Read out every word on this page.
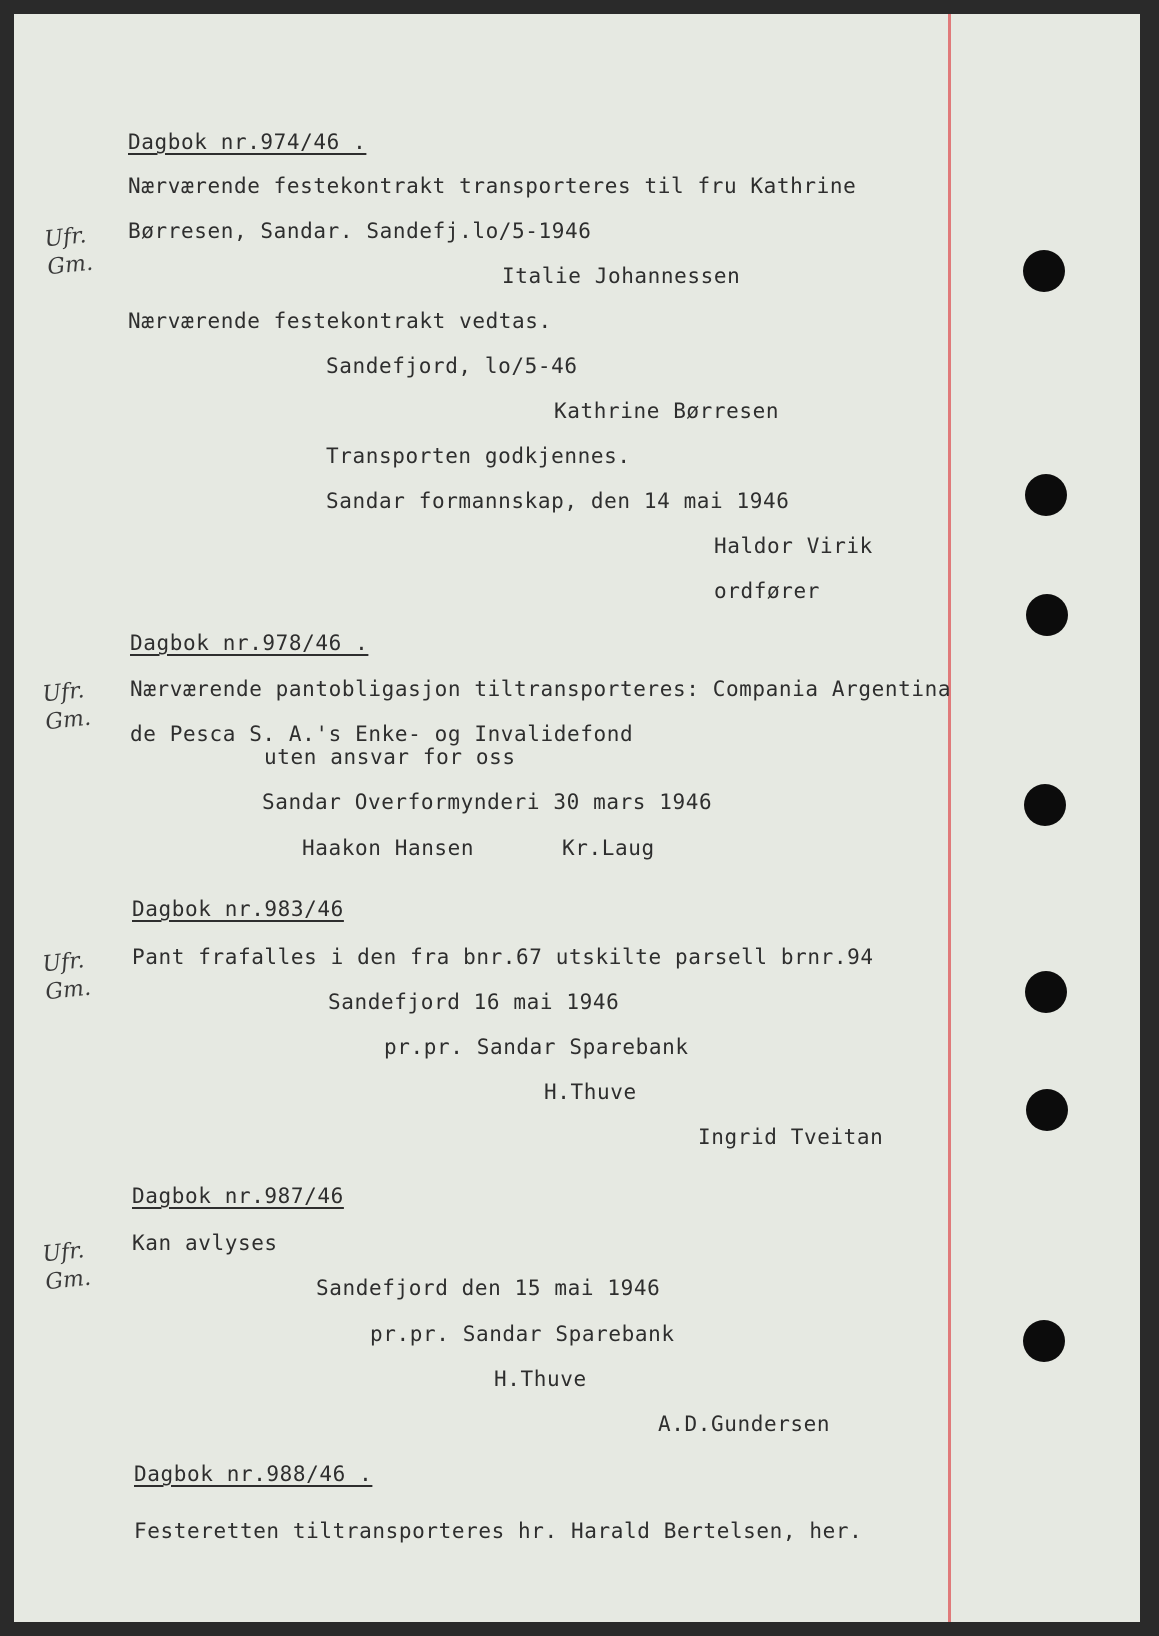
Dagbok nr.974/46 .
Ufr.
Gm.
Nærværende festekontrakt transporteres til fru Kathrine
Børresen, Sandar. Sandefj.lo/5-1946
Italie Johannessen
Nærværende festekontrakt vedtas.
Sandefjord, lo/5-46
Kathrine Børresen
Transporten godkjennes.
Sandar formannskap, den 14 mai 1946
Haldor Virik
ordfører
Dagbok nr.978/46 .
Ufr.
Gm.
Nærværende pantobligasjon tiltransporteres: Compania Argentina
de Pesca S. A.'s Enke- og Invalidefond
uten ansvar for oss
Sandar Overformynderi 30 mars 1946
Haakon Hansen	Kr.Laug
Dagbok nr.983/46
Ufr.
Gm.
Pant frafalles i den fra bnr.67 utskilte parsell brnr.94
Sandefjord 16 mai 1946
pr.pr. Sandar Sparebank
H.Thuve
Ingrid Tveitan
Dagbok nr.987/46
Ufr.
Gm.
Kan avlyses
Sandefjord den 15 mai 1946
pr.pr. Sandar Sparebank
H.Thuve
A.D.Gundersen
Dagbok nr.988/46 .
Festeretten tiltransporteres hr. Harald Bertelsen, her.
